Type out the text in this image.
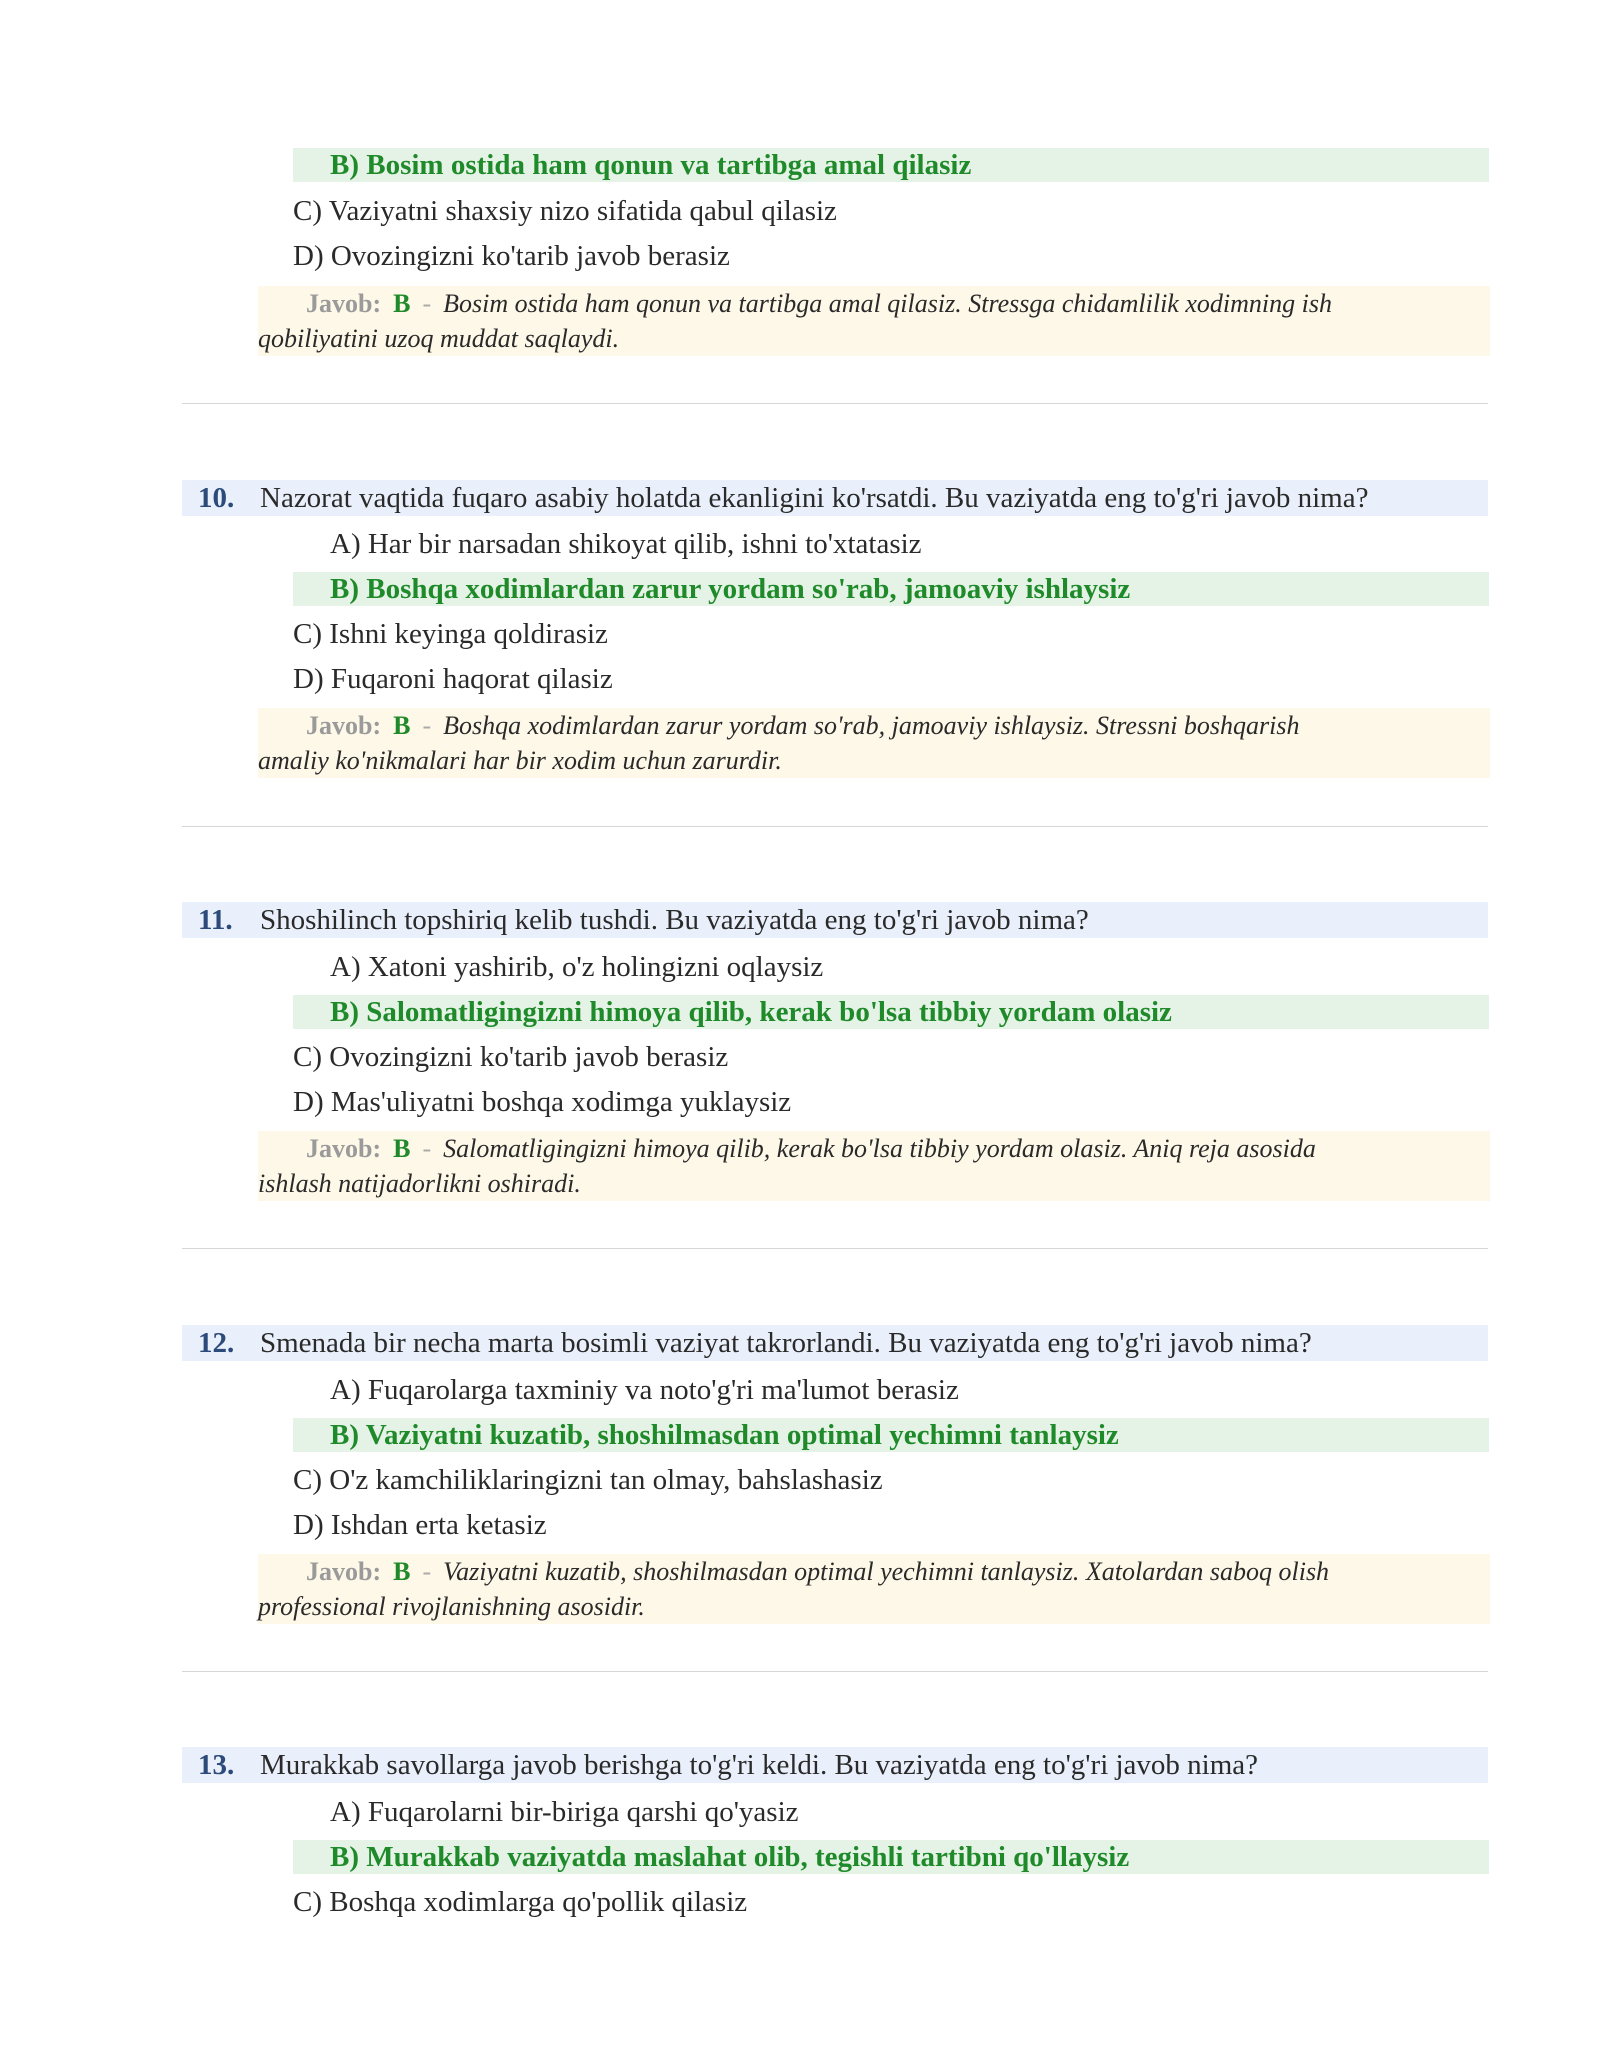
B) Bosim ostida ham qonun va tartibga amal qilasiz
C) Vaziyatni shaxsiy nizo sifatida qabul qilasiz
D) Ovozingizni ko'tarib javob berasiz
Javob: B - Bosim ostida ham qonun va tartibga amal qilasiz. Stressga chidamlilik xodimning ish
qobiliyatini uzoq muddat saqlaydi.
10. Nazorat vaqtida fuqaro asabiy holatda ekanligini ko'rsatdi. Bu vaziyatda eng to'g'ri javob nima?
A) Har bir narsadan shikoyat qilib, ishni to'xtatasiz
B) Boshqa xodimlardan zarur yordam so'rab, jamoaviy ishlaysiz
C) Ishni keyinga qoldirasiz
D) Fuqaroni haqorat qilasiz
Javob: B - Boshqa xodimlardan zarur yordam so'rab, jamoaviy ishlaysiz. Stressni boshqarish
amaliy ko'nikmalari har bir xodim uchun zarurdir.
11. Shoshilinch topshiriq kelib tushdi. Bu vaziyatda eng to'g'ri javob nima?
A) Xatoni yashirib, o'z holingizni oqlaysiz
B) Salomatligingizni himoya qilib, kerak bo'lsa tibbiy yordam olasiz
C) Ovozingizni ko'tarib javob berasiz
D) Mas'uliyatni boshqa xodimga yuklaysiz
Javob: B - Salomatligingizni himoya qilib, kerak bo'lsa tibbiy yordam olasiz. Aniq reja asosida
ishlash natijadorlikni oshiradi.
12. Smenada bir necha marta bosimli vaziyat takrorlandi. Bu vaziyatda eng to'g'ri javob nima?
A) Fuqarolarga taxminiy va noto'g'ri ma'lumot berasiz
B) Vaziyatni kuzatib, shoshilmasdan optimal yechimni tanlaysiz
C) O'z kamchiliklaringizni tan olmay, bahslashasiz
D) Ishdan erta ketasiz
Javob: B - Vaziyatni kuzatib, shoshilmasdan optimal yechimni tanlaysiz. Xatolardan saboq olish
professional rivojlanishning asosidir.
13. Murakkab savollarga javob berishga to'g'ri keldi. Bu vaziyatda eng to'g'ri javob nima?
A) Fuqarolarni bir-biriga qarshi qo'yasiz
B) Murakkab vaziyatda maslahat olib, tegishli tartibni qo'llaysiz
C) Boshqa xodimlarga qo'pollik qilasiz
